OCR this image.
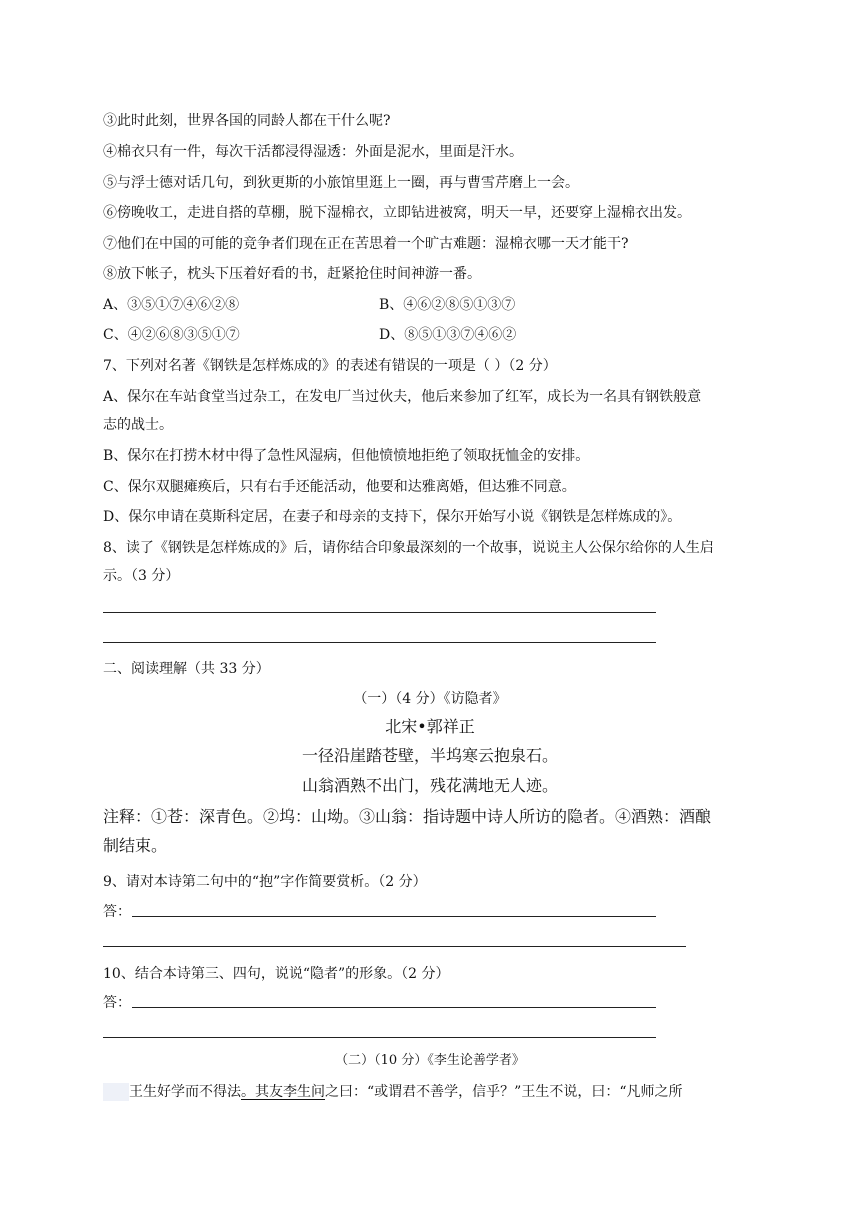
③此时此刻，世界各国的同龄人都在干什么呢?
④棉衣只有一件，每次干活都浸得湿透：外面是泥水，里面是汗水。
⑤与浮士德对话几句，到狄更斯的小旅馆里逛上一圈，再与曹雪芹磨上一会。
⑥傍晚收工，走进自搭的草棚，脱下湿棉衣，立即钻进被窝，明天一早，还要穿上湿棉衣出发。
⑦他们在中国的可能的竞争者们现在正在苦思着一个旷古难题：湿棉衣哪一天才能干?
⑧放下帐子，枕头下压着好看的书，赶紧抢住时间神游一番。
A、③⑤①⑦④⑥②⑧	B、④⑥②⑧⑤①③⑦
C、④②⑥⑧③⑤①⑦	D、⑧⑤①③⑦④⑥②
7、下列对名著《钢铁是怎样炼成的》的表述有错误的一项是（ ）（2 分）
A、保尔在车站食堂当过杂工，在发电厂当过伙夫，他后来参加了红军，成长为一名具有钢铁般意
志的战士。
B、保尔在打捞木材中得了急性风湿病，但他愤愤地拒绝了领取抚恤金的安排。
C、保尔双腿瘫痪后，只有右手还能活动，他要和达雅离婚，但达雅不同意。
D、保尔申请在莫斯科定居，在妻子和母亲的支持下，保尔开始写小说《钢铁是怎样炼成的》。
8、读了《钢铁是怎样炼成的》后，请你结合印象最深刻的一个故事，说说主人公保尔给你的人生启
示。（3 分）
二、阅读理解（共 33 分）
（一）（4 分）《访隐者》
北宋•郭祥正
一径沿崖踏苍壁，半坞寒云抱泉石。
山翁酒熟不出门，残花满地无人迹。
注释：①苍：深青色。②坞：山坳。③山翁：指诗题中诗人所访的隐者。④酒熟：酒酿
制结束。
9、请对本诗第二句中的“抱”字作简要赏析。（2 分）
答：
10、结合本诗第三、四句，说说“隐者”的形象。（2 分）
答：
（二）（10 分）《李生论善学者》
王生好学而不得法。其友李生问之曰：“或谓君不善学，信乎？”王生不说，曰：“凡师之所
